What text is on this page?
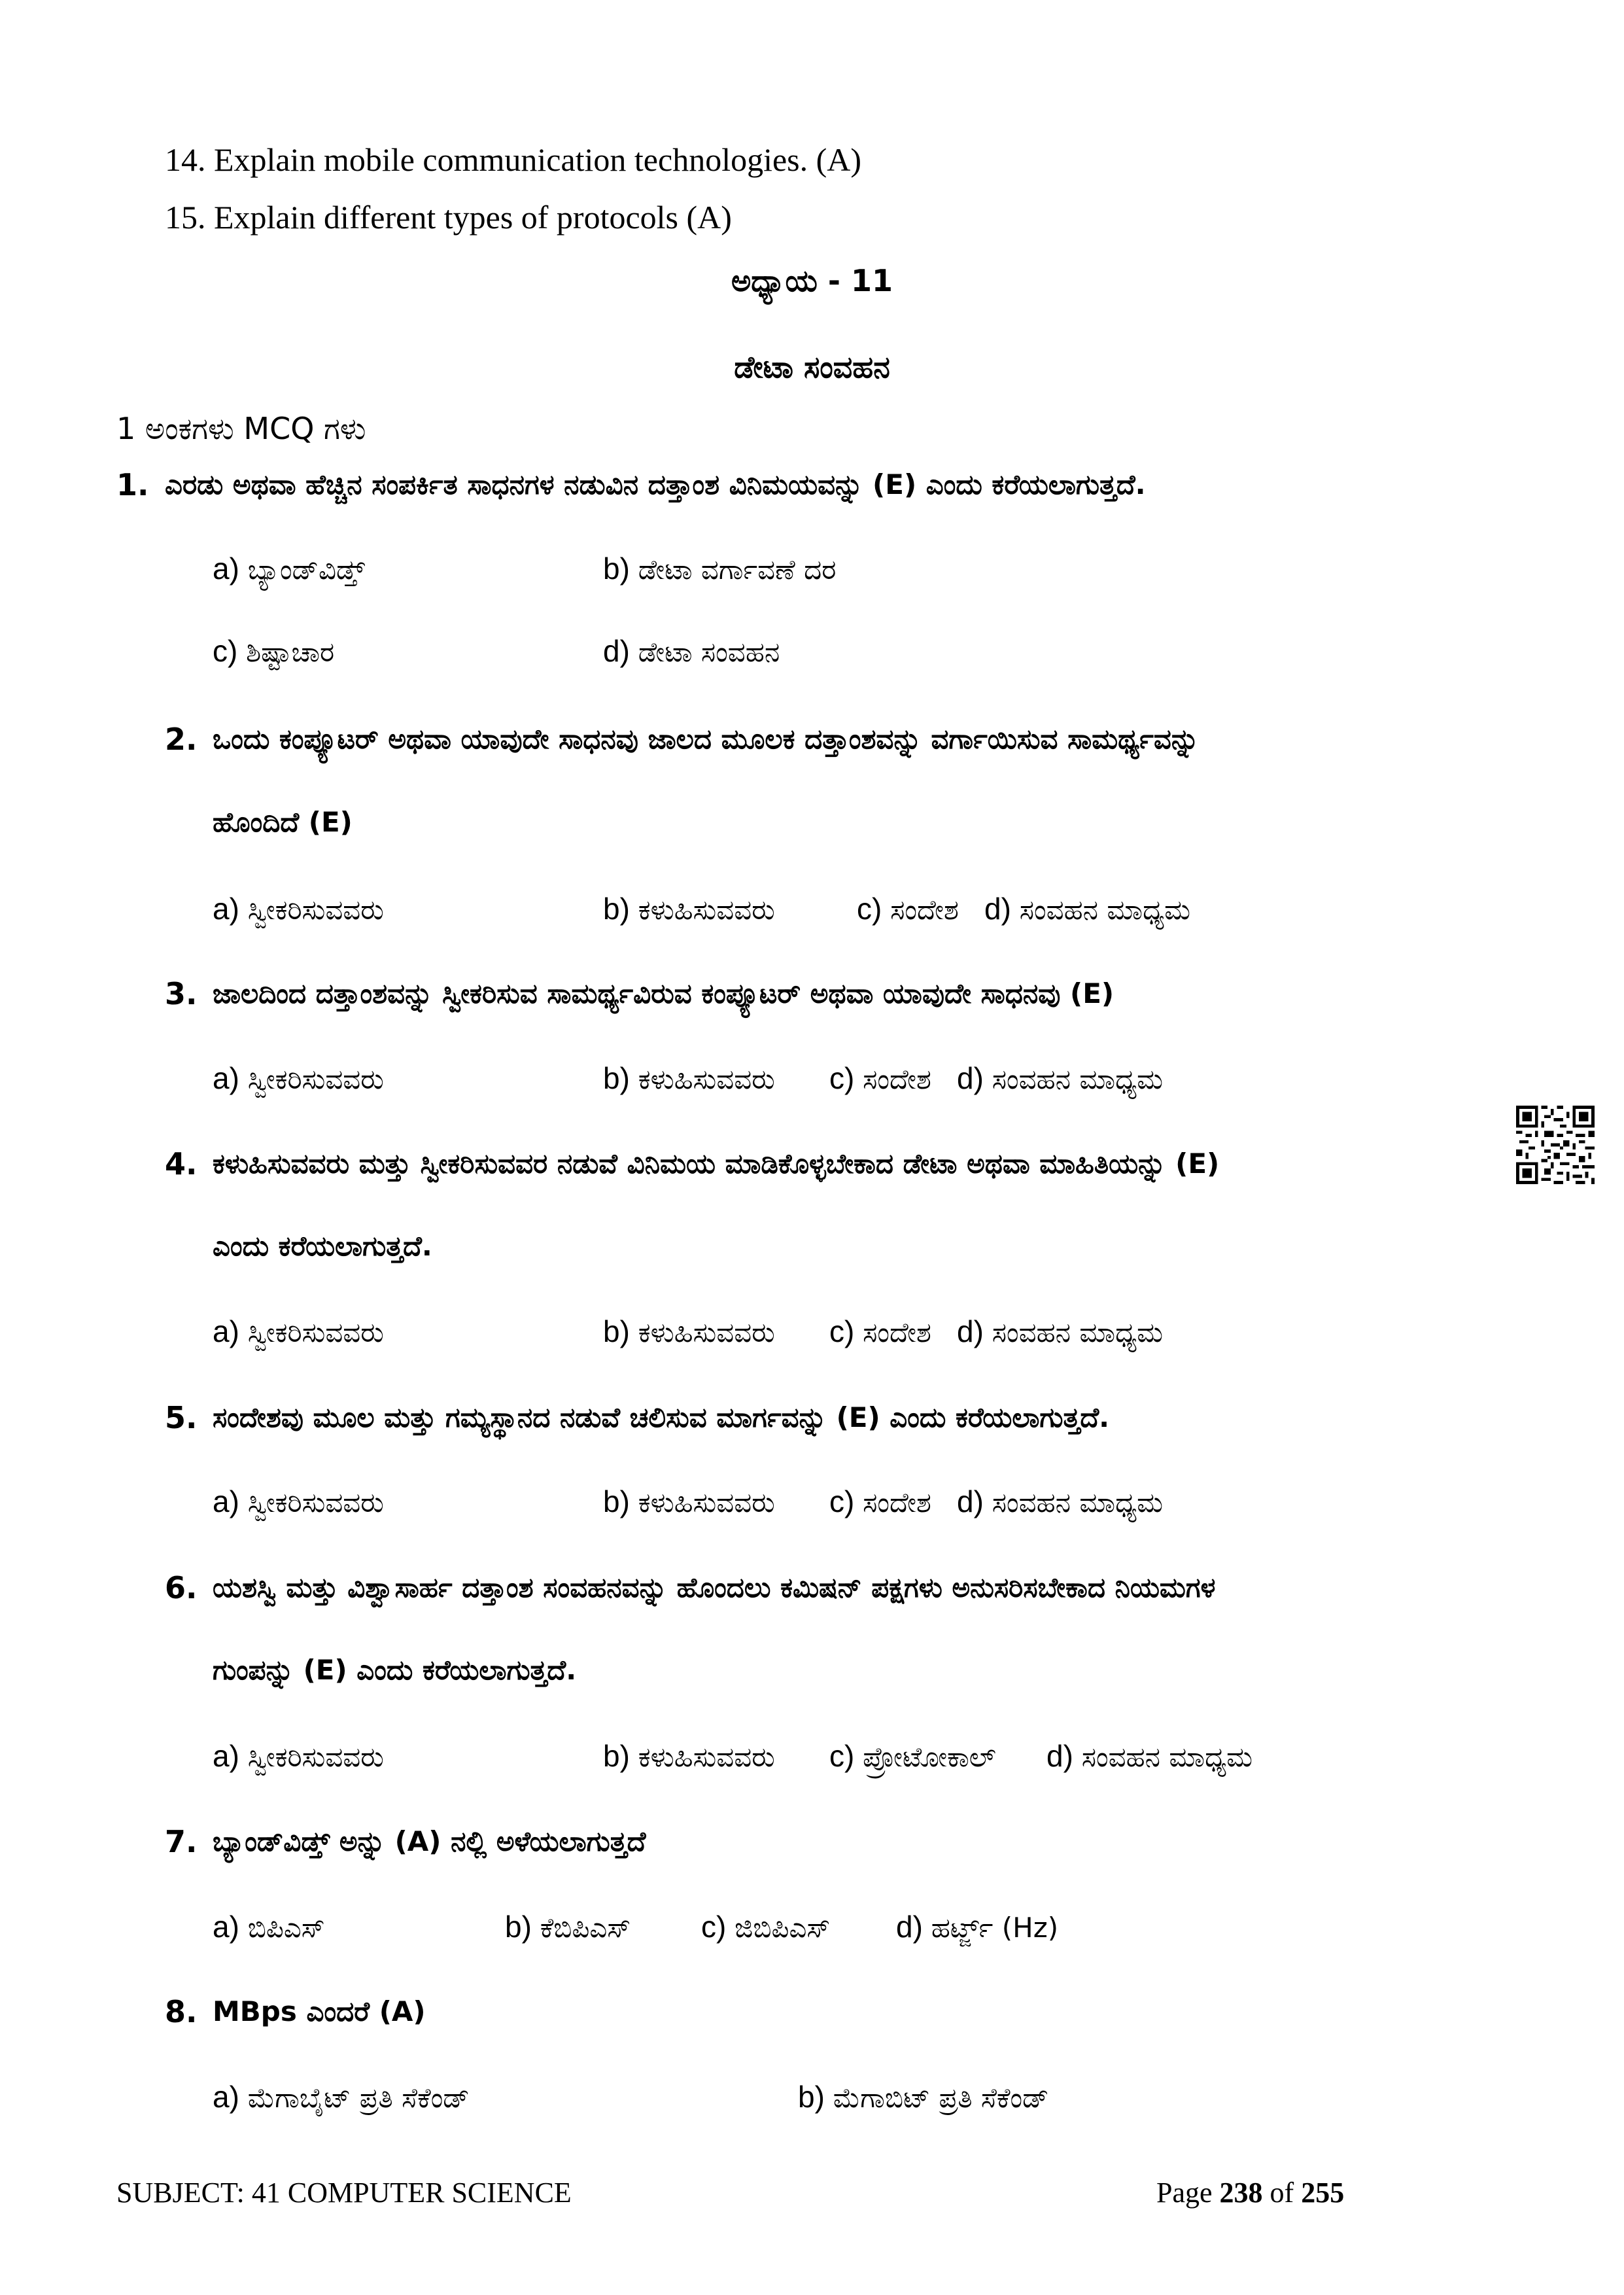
14. Explain mobile communication technologies. (A)
15. Explain different types of protocols (A)
ಅಧ್ಯಾಯ - 11
ಡೇಟಾ ಸಂವಹನ
1 ಅಂಕಗಳು MCQ ಗಳು
1. ಎರಡು ಅಥವಾ ಹೆಚ್ಚಿನ ಸಂಪರ್ಕಿತ ಸಾಧನಗಳ ನಡುವಿನ ದತ್ತಾಂಶ ವಿನಿಮಯವನ್ನು (E) ಎಂದು ಕರೆಯಲಾಗುತ್ತದೆ.
a) ಬ್ಯಾಂಡ್‌ವಿಡ್ತ್	b) ಡೇಟಾ ವರ್ಗಾವಣೆ ದರ
c) ಶಿಷ್ಟಾಚಾರ	d) ಡೇಟಾ ಸಂವಹನ
2. ಒಂದು ಕಂಪ್ಯೂಟರ್ ಅಥವಾ ಯಾವುದೇ ಸಾಧನವು ಜಾಲದ ಮೂಲಕ ದತ್ತಾಂಶವನ್ನು ವರ್ಗಾಯಿಸುವ ಸಾಮರ್ಥ್ಯವನ್ನು
ಹೊಂದಿದೆ (E)
a) ಸ್ವೀಕರಿಸುವವರು	b) ಕಳುಹಿಸುವವರು	c) ಸಂದೇಶ d) ಸಂವಹನ ಮಾಧ್ಯಮ
3. ಜಾಲದಿಂದ ದತ್ತಾಂಶವನ್ನು ಸ್ವೀಕರಿಸುವ ಸಾಮರ್ಥ್ಯವಿರುವ ಕಂಪ್ಯೂಟರ್ ಅಥವಾ ಯಾವುದೇ ಸಾಧನವು (E)
a) ಸ್ವೀಕರಿಸುವವರು	b) ಕಳುಹಿಸುವವರು c) ಸಂದೇಶ d) ಸಂವಹನ ಮಾಧ್ಯಮ
4. ಕಳುಹಿಸುವವರು ಮತ್ತು ಸ್ವೀಕರಿಸುವವರ ನಡುವೆ ವಿನಿಮಯ ಮಾಡಿಕೊಳ್ಳಬೇಕಾದ ಡೇಟಾ ಅಥವಾ ಮಾಹಿತಿಯನ್ನು (E)
ಎಂದು ಕರೆಯಲಾಗುತ್ತದೆ.
a) ಸ್ವೀಕರಿಸುವವರು	b) ಕಳುಹಿಸುವವರು c) ಸಂದೇಶ d) ಸಂವಹನ ಮಾಧ್ಯಮ
5. ಸಂದೇಶವು ಮೂಲ ಮತ್ತು ಗಮ್ಯಸ್ಥಾನದ ನಡುವೆ ಚಲಿಸುವ ಮಾರ್ಗವನ್ನು (E) ಎಂದು ಕರೆಯಲಾಗುತ್ತದೆ.
a) ಸ್ವೀಕರಿಸುವವರು	b) ಕಳುಹಿಸುವವರು c) ಸಂದೇಶ d) ಸಂವಹನ ಮಾಧ್ಯಮ
6. ಯಶಸ್ವಿ ಮತ್ತು ವಿಶ್ವಾಸಾರ್ಹ ದತ್ತಾಂಶ ಸಂವಹನವನ್ನು ಹೊಂದಲು ಕಮಿಷನ್ ಪಕ್ಷಗಳು ಅನುಸರಿಸಬೇಕಾದ ನಿಯಮಗಳ
ಗುಂಪನ್ನು (E) ಎಂದು ಕರೆಯಲಾಗುತ್ತದೆ.
a) ಸ್ವೀಕರಿಸುವವರು	b) ಕಳುಹಿಸುವವರು c) ಪ್ರೋಟೋಕಾಲ್ d) ಸಂವಹನ ಮಾಧ್ಯಮ
7. ಬ್ಯಾಂಡ್‌ವಿಡ್ತ್ ಅನ್ನು (A) ನಲ್ಲಿ ಅಳೆಯಲಾಗುತ್ತದೆ
a) ಬಿಪಿಎಸ್	b) ಕೆಬಿಪಿಎಸ್ c) ಜಿಬಿಪಿಎಸ್ d) ಹರ್ಟ್ಜ್ (Hz)
8. MBps ಎಂದರೆ (A)
a) ಮೆಗಾಬೈಟ್ ಪ್ರತಿ ಸೆಕೆಂಡ್	b) ಮೆಗಾಬಿಟ್ ಪ್ರತಿ ಸೆಕೆಂಡ್
SUBJECT: 41 COMPUTER SCIENCE	Page 238 of 255
